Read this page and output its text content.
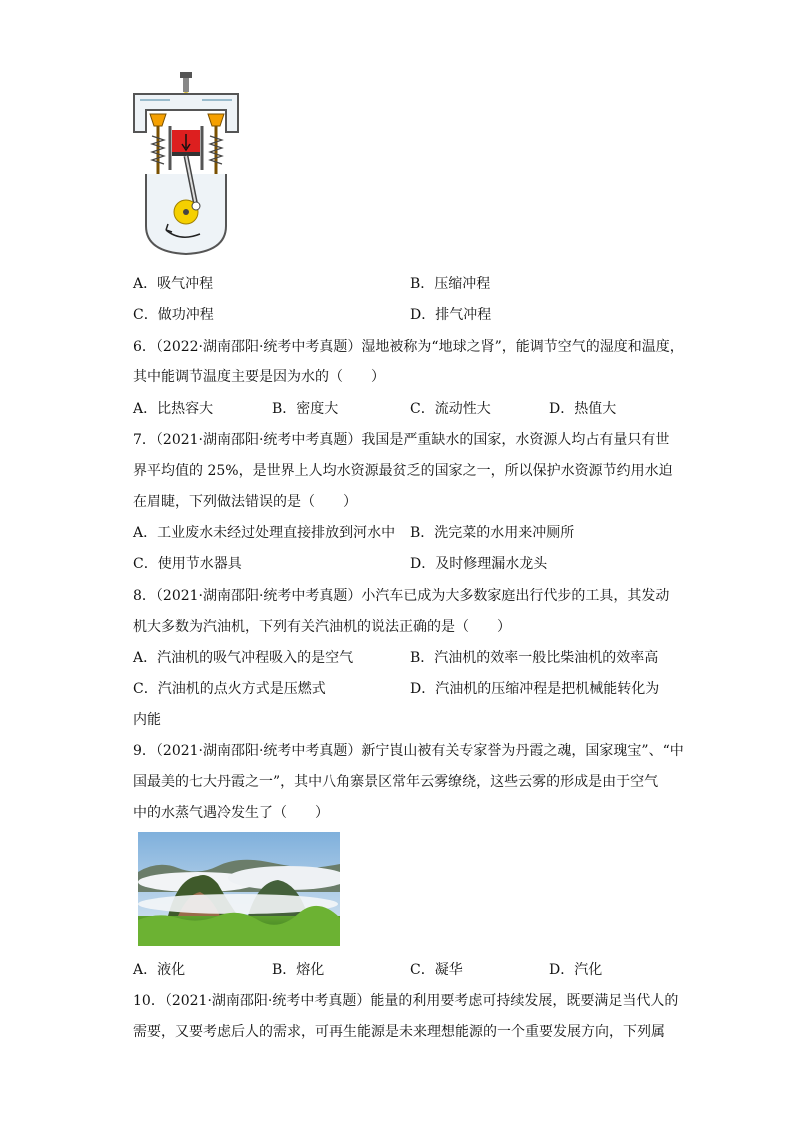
A．吸气冲程	B．压缩冲程
C．做功冲程	D．排气冲程
6．（2022·湖南邵阳·统考中考真题）湿地被称为“地球之肾”，能调节空气的湿度和温度，
其中能调节温度主要是因为水的（　　）
A．比热容大	B．密度大	C．流动性大	D．热值大
7．（2021·湖南邵阳·统考中考真题）我国是严重缺水的国家，水资源人均占有量只有世
界平均值的 25%，是世界上人均水资源最贫乏的国家之一，所以保护水资源节约用水迫
在眉睫，下列做法错误的是（　　）
A．工业废水未经过处理直接排放到河水中 B．洗完菜的水用来冲厕所
C．使用节水器具	D．及时修理漏水龙头
8．（2021·湖南邵阳·统考中考真题）小汽车已成为大多数家庭出行代步的工具，其发动
机大多数为汽油机，下列有关汽油机的说法正确的是（　　）
A．汽油机的吸气冲程吸入的是空气	B．汽油机的效率一般比柴油机的效率高
C．汽油机的点火方式是压燃式	D．汽油机的压缩冲程是把机械能转化为
内能
9．（2021·湖南邵阳·统考中考真题）新宁崀山被有关专家誉为丹霞之魂，国家瑰宝”、“中
国最美的七大丹霞之一”，其中八角寨景区常年云雾缭绕，这些云雾的形成是由于空气
中的水蒸气遇冷发生了（　　）
A．液化	B．熔化	C．凝华	D．汽化
10．（2021·湖南邵阳·统考中考真题）能量的利用要考虑可持续发展，既要满足当代人的
需要，又要考虑后人的需求，可再生能源是未来理想能源的一个重要发展方向，下列属
